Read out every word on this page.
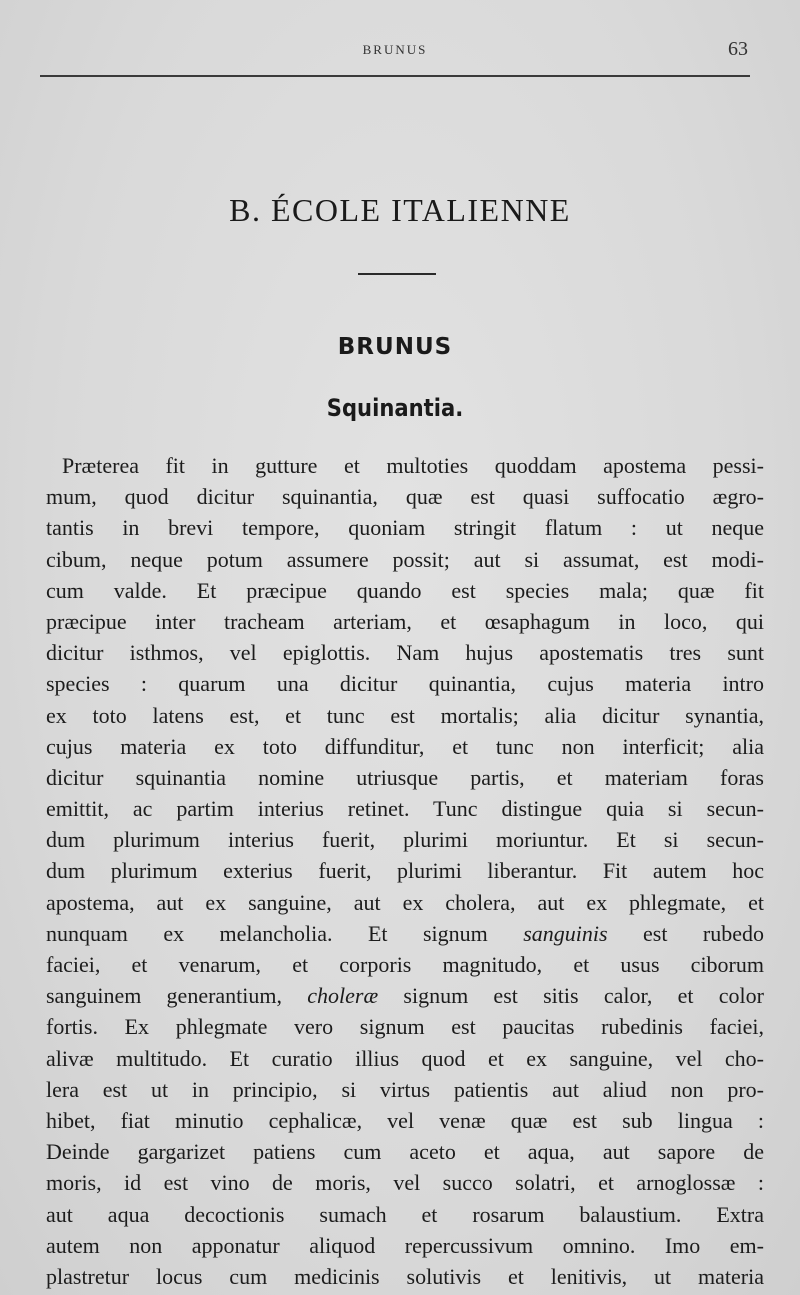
BRUNUS	63
B. ÉCOLE ITALIENNE
BRUNUS
Squinantia.
Præterea fit in gutture et multoties quoddam apostema pessi-
mum, quod dicitur squinantia, quæ est quasi suffocatio ægro-
tantis in brevi tempore, quoniam stringit flatum : ut neque
cibum, neque potum assumere possit; aut si assumat, est modi-
cum valde. Et præcipue quando est species mala; quæ fit
præcipue inter tracheam arteriam, et œsaphagum in loco, qui
dicitur isthmos, vel epiglottis. Nam hujus apostematis tres sunt
species : quarum una dicitur quinantia, cujus materia intro
ex toto latens est, et tunc est mortalis; alia dicitur synantia,
cujus materia ex toto diffunditur, et tunc non interficit; alia
dicitur squinantia nomine utriusque partis, et materiam foras
emittit, ac partim interius retinet. Tunc distingue quia si secun-
dum plurimum interius fuerit, plurimi moriuntur. Et si secun-
dum plurimum exterius fuerit, plurimi liberantur. Fit autem hoc
apostema, aut ex sanguine, aut ex cholera, aut ex phlegmate, et
nunquam ex melancholia. Et signum sanguinis est rubedo
faciei, et venarum, et corporis magnitudo, et usus ciborum
sanguinem generantium, choleræ signum est sitis calor, et color
fortis. Ex phlegmate vero signum est paucitas rubedinis faciei,
alivæ multitudo. Et curatio illius quod et ex sanguine, vel cho-
lera est ut in principio, si virtus patientis aut aliud non pro-
hibet, fiat minutio cephalicæ, vel venæ quæ est sub lingua :
Deinde gargarizet patiens cum aceto et aqua, aut sapore de
moris, id est vino de moris, vel succo solatri, et arnoglossæ :
aut aqua decoctionis sumach et rosarum balaustium. Extra
autem non apponatur aliquod repercussivum omnino. Imo em-
plastretur locus cum medicinis solutivis et lenitivis, ut materia
